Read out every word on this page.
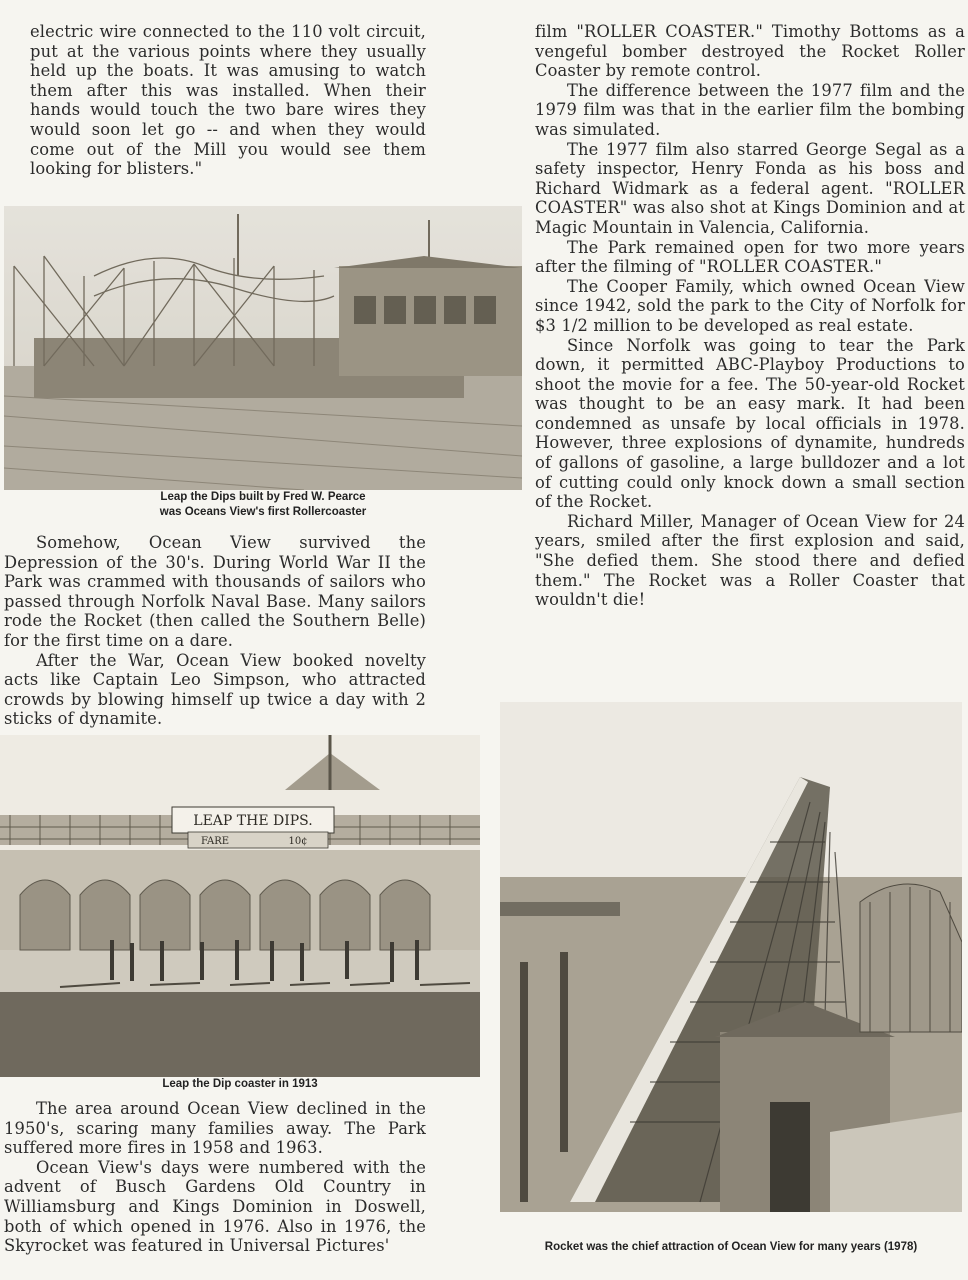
electric wire connected to the 110 volt circuit, put at the various points where they usually held up the boats. It was amusing to watch them after this was installed. When their hands would touch the two bare wires they would soon let go -- and when they would come out of the Mill you would see them looking for blisters."

Leap the Dips built by Fred W. Pearce
was Oceans View's first Rollercoaster

Somehow, Ocean View survived the Depression of the 30's. During World War II the Park was crammed with thousands of sailors who passed through Norfolk Naval Base. Many sailors rode the Rocket (then called the Southern Belle) for the first time on a dare.

After the War, Ocean View booked novelty acts like Captain Leo Simpson, who attracted crowds by blowing himself up twice a day with 2 sticks of dynamite.

LEAP THE DIPS.
FARE	10¢
Leap the Dip coaster in 1913

The area around Ocean View declined in the 1950's, scaring many families away. The Park suffered more fires in 1958 and 1963.

Ocean View's days were numbered with the advent of Busch Gardens Old Country in Williamsburg and Kings Dominion in Doswell, both of which opened in 1976. Also in 1976, the Skyrocket was featured in Universal Pictures'

film "ROLLER COASTER." Timothy Bottoms as a vengeful bomber destroyed the Rocket Roller Coaster by remote control.

The difference between the 1977 film and the 1979 film was that in the earlier film the bombing was simulated.

The 1977 film also starred George Segal as a safety inspector, Henry Fonda as his boss and Richard Widmark as a federal agent. "ROLLER COASTER" was also shot at Kings Dominion and at Magic Mountain in Valencia, California.

The Park remained open for two more years after the filming of "ROLLER COASTER."

The Cooper Family, which owned Ocean View since 1942, sold the park to the City of Norfolk for $3 1/2 million to be developed as real estate.

Since Norfolk was going to tear the Park down, it permitted ABC-Playboy Productions to shoot the movie for a fee. The 50-year-old Rocket was thought to be an easy mark. It had been condemned as unsafe by local officials in 1978. However, three explosions of dynamite, hundreds of gallons of gasoline, a large bulldozer and a lot of cutting could only knock down a small section of the Rocket.

Richard Miller, Manager of Ocean View for 24 years, smiled after the first explosion and said, "She defied them. She stood there and defied them." The Rocket was a Roller Coaster that wouldn't die!

Rocket was the chief attraction of Ocean View for many years (1978)
